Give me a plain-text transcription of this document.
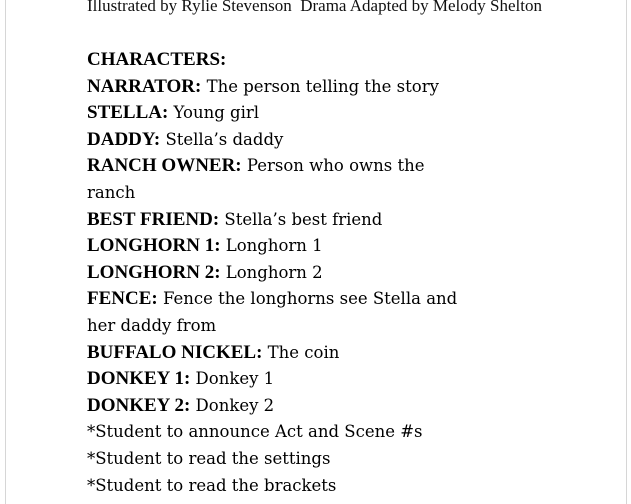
Illustrated by Rylie Stevenson  Drama Adapted by Melody Shelton
CHARACTERS:
NARRATOR: The person telling the story
STELLA: Young girl
DADDY: Stella’s daddy
RANCH OWNER: Person who owns the ranch
BEST FRIEND: Stella’s best friend
LONGHORN 1: Longhorn 1
LONGHORN 2: Longhorn 2
FENCE: Fence the longhorns see Stella and her daddy from
BUFFALO NICKEL: The coin
DONKEY 1: Donkey 1
DONKEY 2: Donkey 2
*Student to announce Act and Scene #s
*Student to read the settings
*Student to read the brackets
